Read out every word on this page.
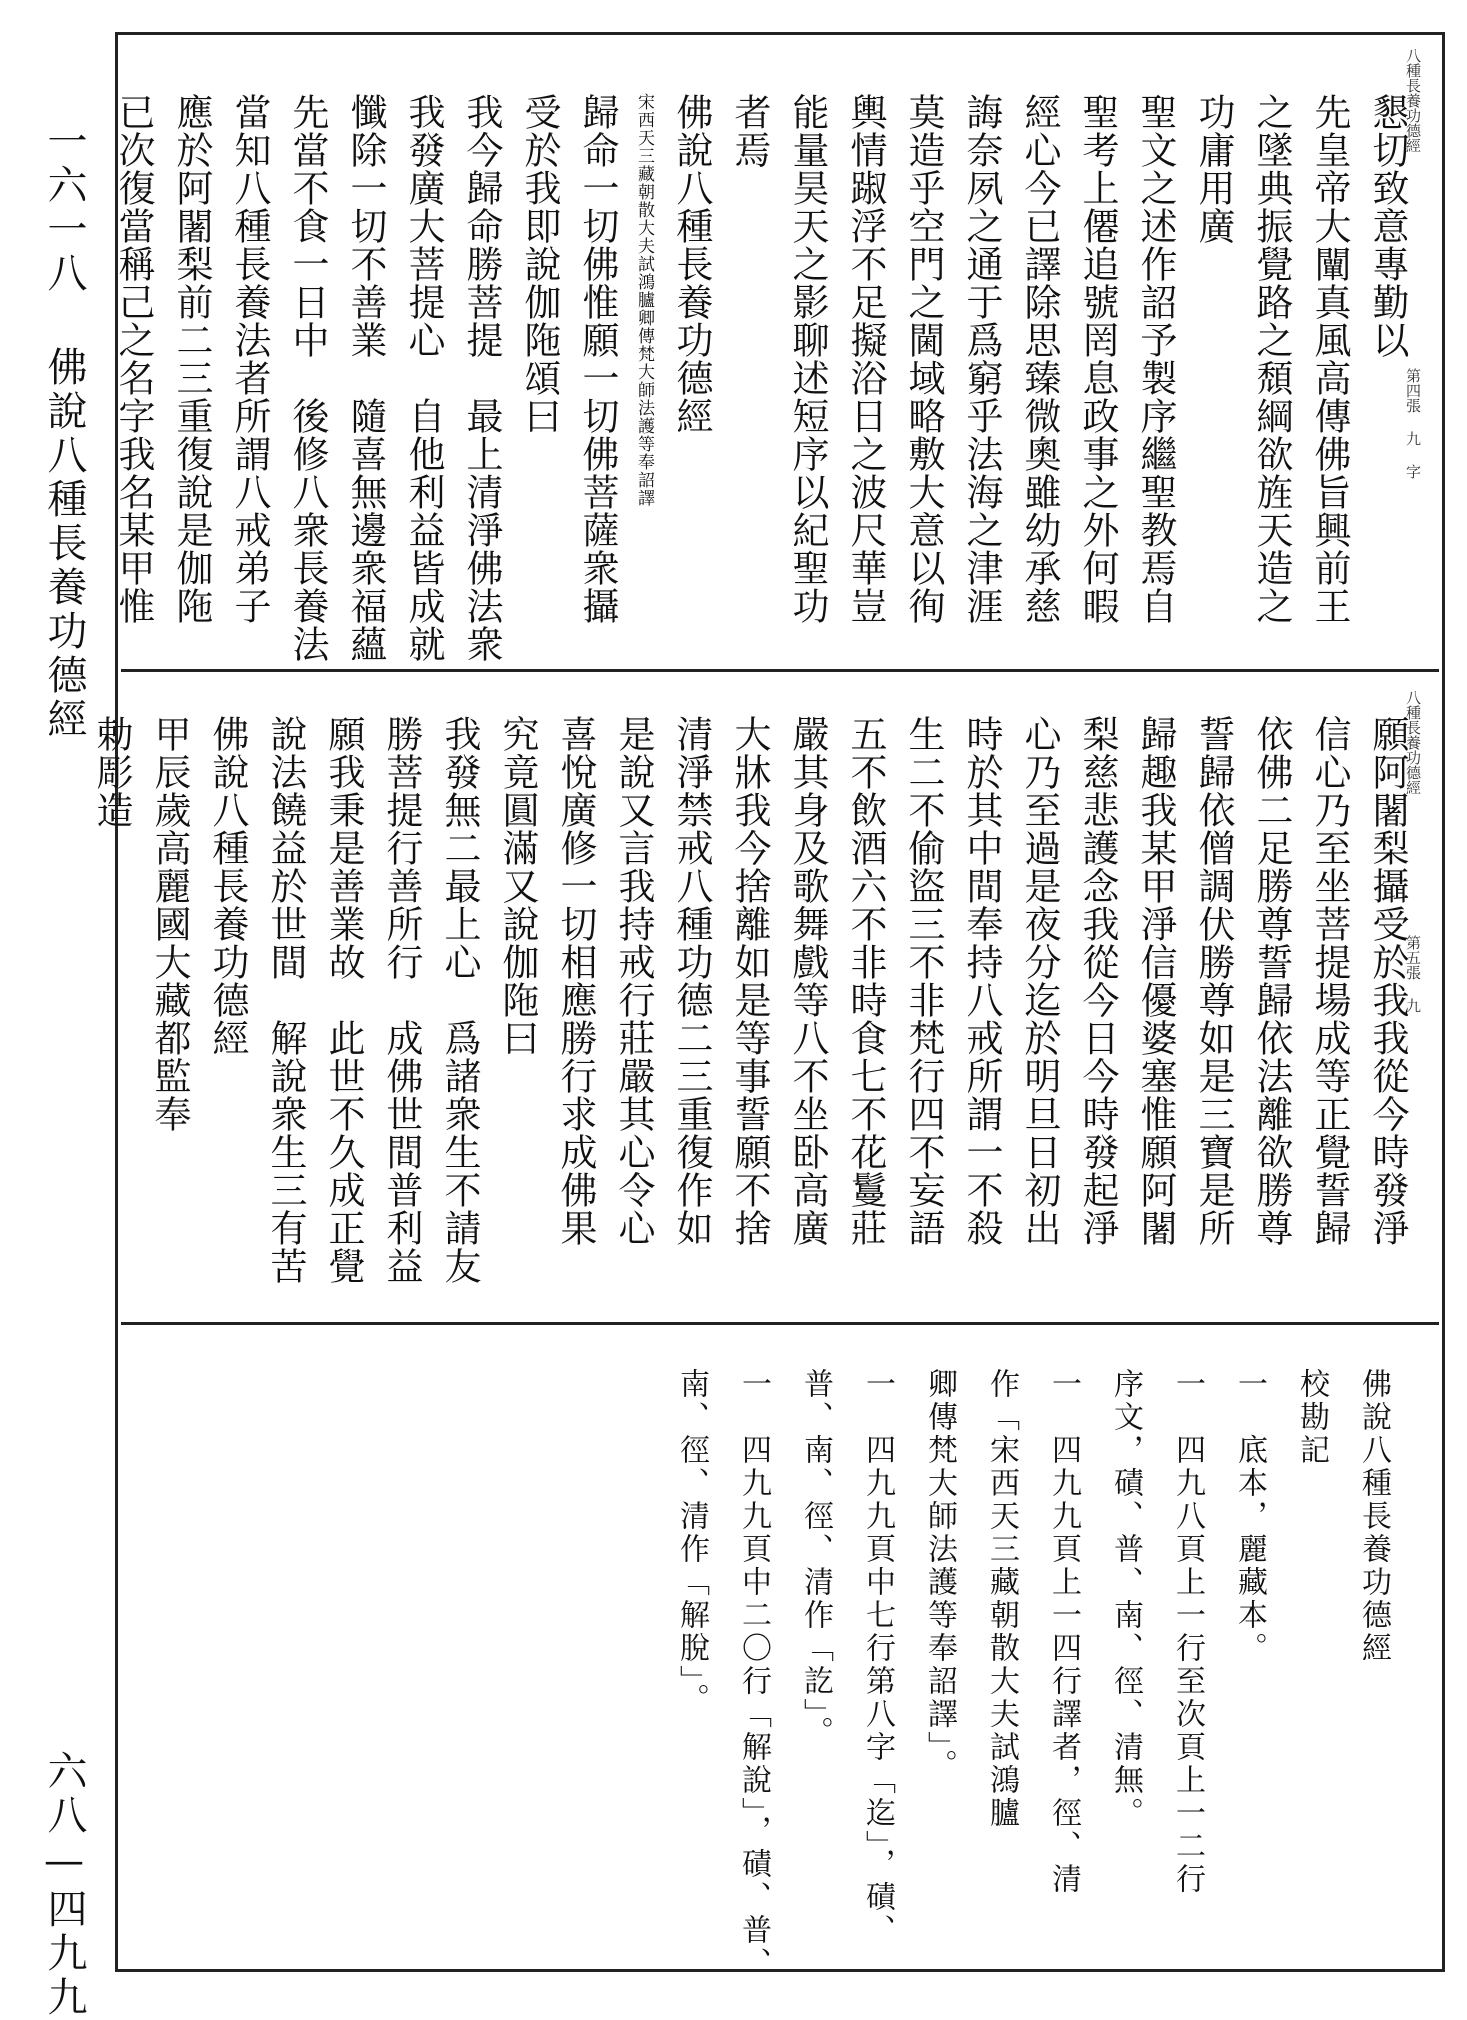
一六一八 佛說八種長養功德經
六八—四九九
八種長養功德經
第四張 九 字
懇切致意專勤以
先皇帝大闡真風高傳佛旨興前王
之墜典振覺路之頹綱欲旌天造之
功庸用廣
聖文之述作詔予製序繼聖教焉自
聖考上僊追號罔息政事之外何暇
經心今已譯除思臻微奧雖幼承慈
誨奈夙之通于爲窮乎法海之津涯
莫造乎空門之閫域略敷大意以徇
輿情踧浮不足擬浴日之波尺華豈
能量昊天之影聊述短序以紀聖功
者焉
佛說八種長養功德經
宋西天三藏朝散大夫試鴻臚卿傳梵大師法護等奉詔譯
歸命一切佛惟願一切佛菩薩衆攝
受於我即說伽陁頌曰
我今歸命勝菩提　最上清淨佛法衆
我發廣大菩提心　自他利益皆成就
懺除一切不善業　隨喜無邊衆福蘊
先當不食一日中　後修八衆長養法
當知八種長養法者所謂八戒弟子
應於阿闍梨前二三重復說是伽陁
已次復當稱己之名字我名某甲惟
八種長養功德經
第五張 九
願阿闍梨攝受於我我從今時發淨
信心乃至坐菩提場成等正覺誓歸
依佛二足勝尊誓歸依法離欲勝尊
誓歸依僧調伏勝尊如是三寶是所
歸趣我某甲淨信優婆塞惟願阿闍
梨慈悲護念我從今日今時發起淨
心乃至過是夜分迄於明旦日初出
時於其中間奉持八戒所謂一不殺
生二不偷盜三不非梵行四不妄語
五不飲酒六不非時食七不花鬘莊
嚴其身及歌舞戲等八不坐卧高廣
大牀我今捨離如是等事誓願不捨
清淨禁戒八種功德二三重復作如
是說又言我持戒行莊嚴其心令心
喜悅廣修一切相應勝行求成佛果
究竟圓滿又說伽陁曰
我發無二最上心　爲諸衆生不請友
勝菩提行善所行　成佛世間普利益
願我秉是善業故　此世不久成正覺
說法饒益於世間　解說衆生三有苦
佛說八種長養功德經
甲辰歲高麗國大藏都監奉
勅彫造
佛說八種長養功德經
校勘記
一　底本，麗藏本。
一　四九八頁上一行至次頁上一二行
序文，磧、普、南、徑、清無。
一　四九九頁上一四行譯者，徑、清
作「宋西天三藏朝散大夫試鴻臚
卿傳梵大師法護等奉詔譯」。
一　四九九頁中七行第八字「迄」，磧、
普、南、徑、清作「訖」。
一　四九九頁中二〇行「解說」，磧、普、
南、徑、清作「解脫」。
